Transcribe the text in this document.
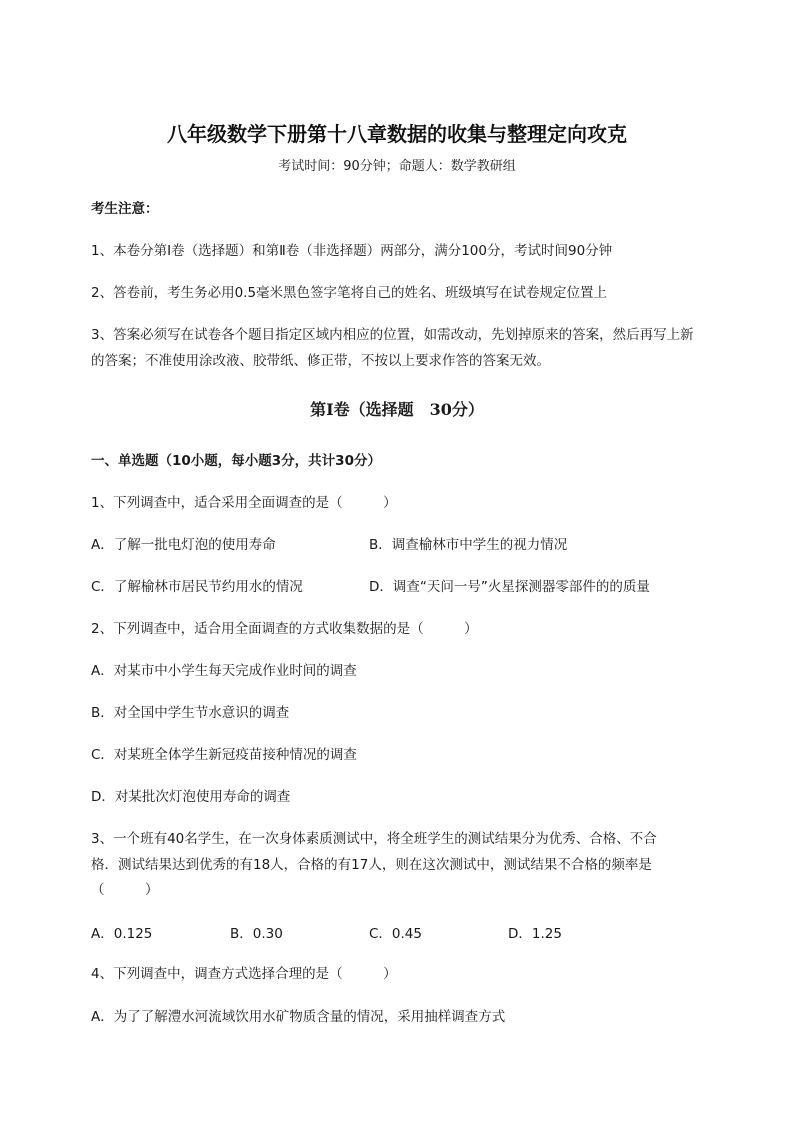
八年级数学下册第十八章数据的收集与整理定向攻克
考试时间：90分钟；命题人：数学教研组
考生注意：
1、本卷分第Ⅰ卷（选择题）和第Ⅱ卷（非选择题）两部分，满分100分，考试时间90分钟
2、答卷前，考生务必用0.5毫米黑色签字笔将自己的姓名、班级填写在试卷规定位置上
3、答案必须写在试卷各个题目指定区域内相应的位置，如需改动，先划掉原来的答案，然后再写上新
的答案；不准使用涂改液、胶带纸、修正带，不按以上要求作答的答案无效。
第Ⅰ卷（选择题　30分）
一、单选题（10小题，每小题3分，共计30分）
1、下列调查中，适合采用全面调查的是（　　　）
A．了解一批电灯泡的使用寿命	B．调查榆林市中学生的视力情况
C．了解榆林市居民节约用水的情况	D．调查“天问一号”火星探测器零部件的的质量
2、下列调查中，适合用全面调查的方式收集数据的是（　　　）
A．对某市中小学生每天完成作业时间的调查
B．对全国中学生节水意识的调查
C．对某班全体学生新冠疫苗接种情况的调查
D．对某批次灯泡使用寿命的调查
3、一个班有40名学生，在一次身体素质测试中，将全班学生的测试结果分为优秀、合格、不合
格．测试结果达到优秀的有18人，合格的有17人，则在这次测试中，测试结果不合格的频率是
（　　　）
A．0.125	B．0.30	C．0.45	D．1.25
4、下列调查中，调查方式选择合理的是（　　　）
A．为了了解澧水河流域饮用水矿物质含量的情况，采用抽样调查方式
